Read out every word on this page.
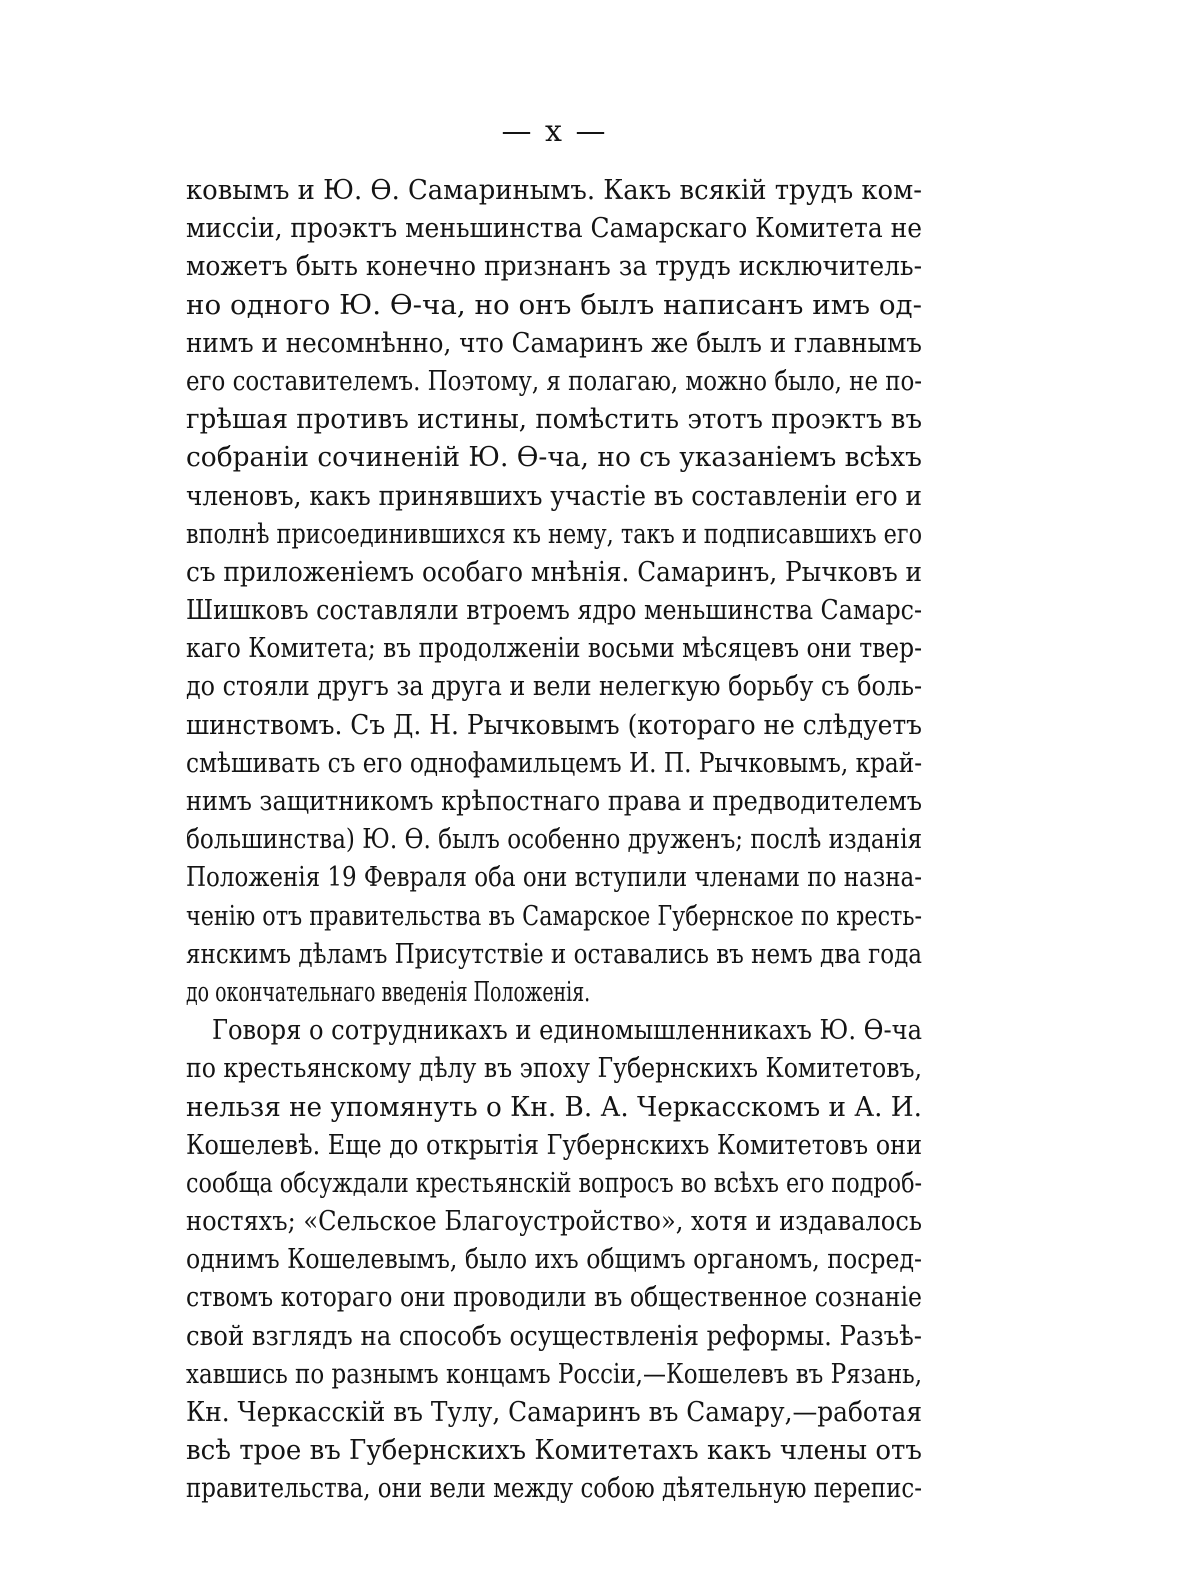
— x —
ковымъ и Ю. Ө. Самаринымъ. Какъ всякій трудъ ком-
миссіи, проэктъ меньшинства Самарскаго Комитета не
можетъ быть конечно признанъ за трудъ исключитель-
но одного Ю. Ө-ча, но онъ былъ написанъ имъ од-
нимъ и несомнѣнно, что Самаринъ же былъ и главнымъ
его составителемъ. Поэтому, я полагаю, можно было, не по-
грѣшая противъ истины, помѣстить этотъ проэктъ въ
собраніи сочиненій Ю. Ө-ча, но съ указаніемъ всѣхъ
членовъ, какъ принявшихъ участіе въ составленіи его и
вполнѣ присоединившихся къ нему, такъ и подписавшихъ его
съ приложеніемъ особаго мнѣнія. Самаринъ, Рычковъ и
Шишковъ составляли втроемъ ядро меньшинства Самарс-
каго Комитета; въ продолженіи восьми мѣсяцевъ они твер-
до стояли другъ за друга и вели нелегкую борьбу съ боль-
шинствомъ. Съ Д. Н. Рычковымъ (котораго не слѣдуетъ
смѣшивать съ его однофамильцемъ И. П. Рычковымъ, край-
нимъ защитникомъ крѣпостнаго права и предводителемъ
большинства) Ю. Ө. былъ особенно друженъ; послѣ изданія
Положенія 19 Февраля оба они вступили членами по назна-
ченію отъ правительства въ Самарское Губернское по кресть-
янскимъ дѣламъ Присутствіе и оставались въ немъ два года
до окончательнаго введенія Положенія.
Говоря о сотрудникахъ и единомышленникахъ Ю. Ө-ча
по крестьянскому дѣлу въ эпоху Губернскихъ Комитетовъ,
нельзя не упомянуть о Кн. В. А. Черкасскомъ и А. И.
Кошелевѣ. Еще до открытія Губернскихъ Комитетовъ они
сообща обсуждали крестьянскій вопросъ во всѣхъ его подроб-
ностяхъ; «Сельское Благоустройство», хотя и издавалось
однимъ Кошелевымъ, было ихъ общимъ органомъ, посред-
ствомъ котораго они проводили въ общественное сознаніе
свой взглядъ на способъ осуществленія реформы. Разъѣ-
хавшись по разнымъ концамъ Россіи,—Кошелевъ въ Рязань,
Кн. Черкасскій въ Тулу, Самаринъ въ Самару,—работая
всѣ трое въ Губернскихъ Комитетахъ какъ члены отъ
правительства, они вели между собою дѣятельную перепис-
